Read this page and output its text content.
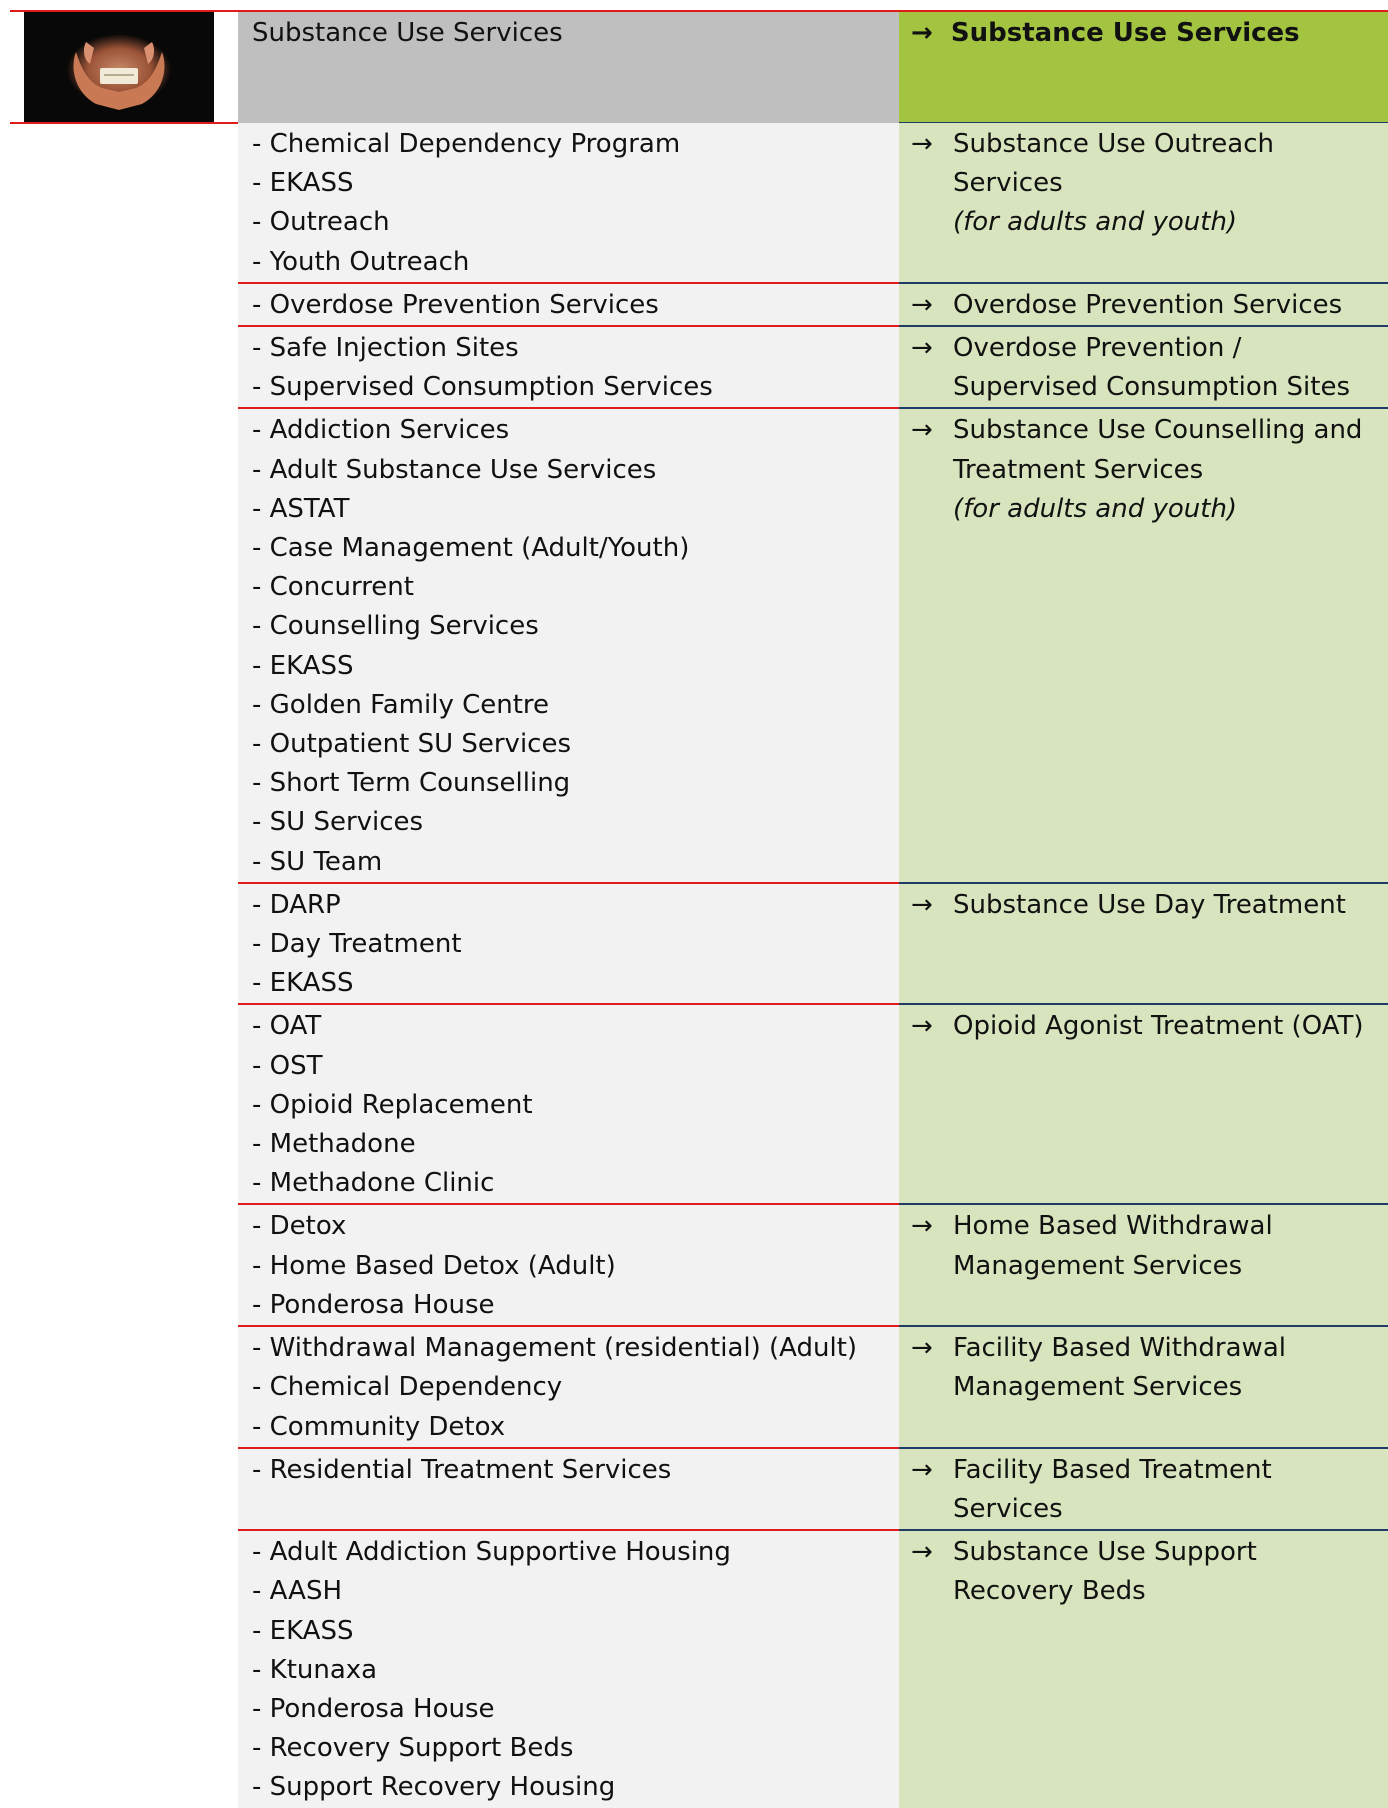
Substance Use Services	→ Substance Use Services
- Chemical Dependency Program
- EKASS
- Outreach
- Youth Outreach
→ Substance Use Outreach
Services
(for adults and youth)
- Overdose Prevention Services	→ Overdose Prevention Services
- Safe Injection Sites
- Supervised Consumption Services
→ Overdose Prevention /
Supervised Consumption Sites
- Addiction Services
- Adult Substance Use Services
- ASTAT
- Case Management (Adult/Youth)
- Concurrent
- Counselling Services
- EKASS
- Golden Family Centre
- Outpatient SU Services
- Short Term Counselling
- SU Services
- SU Team
→ Substance Use Counselling and
Treatment Services
(for adults and youth)
- DARP
- Day Treatment
- EKASS
→ Substance Use Day Treatment
- OAT
- OST
- Opioid Replacement
- Methadone
- Methadone Clinic
→ Opioid Agonist Treatment (OAT)
- Detox
- Home Based Detox (Adult)
- Ponderosa House
→ Home Based Withdrawal
Management Services
- Withdrawal Management (residential) (Adult)
- Chemical Dependency
- Community Detox
→ Facility Based Withdrawal
Management Services
- Residential Treatment Services	→ Facility Based Treatment
Services
- Adult Addiction Supportive Housing
- AASH
- EKASS
- Ktunaxa
- Ponderosa House
- Recovery Support Beds
- Support Recovery Housing
→ Substance Use Support
Recovery Beds
